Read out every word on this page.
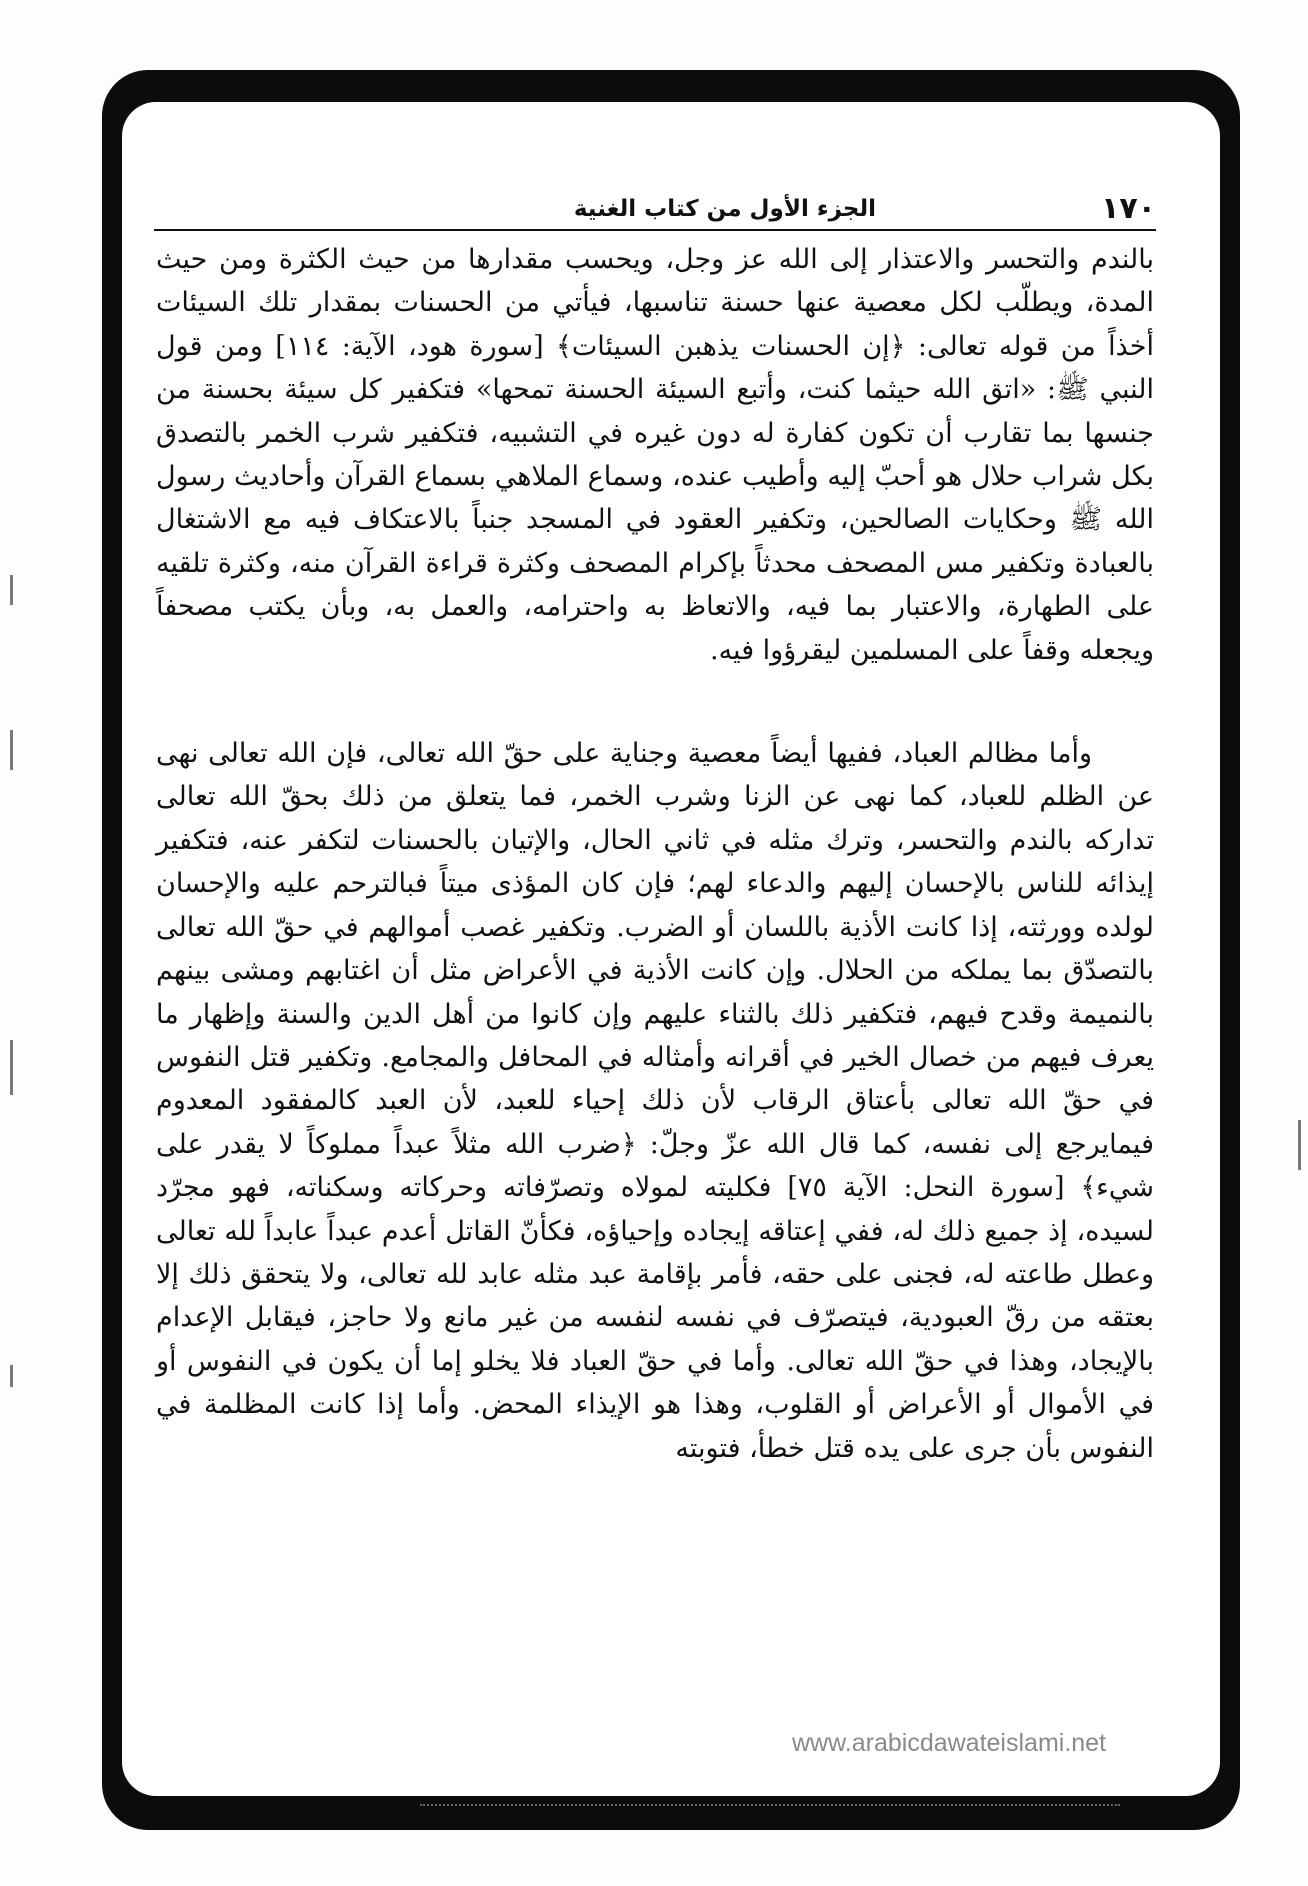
١٧٠
الجزء الأول من كتاب الغنية

بالندم والتحسر والاعتذار إلى الله عز وجل، ويحسب مقدارها من حيث الكثرة ومن حيث المدة، ويطلّب لكل معصية عنها حسنة تناسبها، فيأتي من الحسنات بمقدار تلك السيئات أخذاً من قوله تعالى: ﴿إن الحسنات يذهبن السيئات﴾ [سورة هود، الآية: ١١٤] ومن قول النبي ﷺ: «اتق الله حيثما كنت، وأتبع السيئة الحسنة تمحها» فتكفير كل سيئة بحسنة من جنسها بما تقارب أن تكون كفارة له دون غيره في التشبيه، فتكفير شرب الخمر بالتصدق بكل شراب حلال هو أحبّ إليه وأطيب عنده، وسماع الملاهي بسماع القرآن وأحاديث رسول الله ﷺ وحكايات الصالحين، وتكفير العقود في المسجد جنباً بالاعتكاف فيه مع الاشتغال بالعبادة وتكفير مس المصحف محدثاً بإكرام المصحف وكثرة قراءة القرآن منه، وكثرة تلقيه على الطهارة، والاعتبار بما فيه، والاتعاظ به واحترامه، والعمل به، وبأن يكتب مصحفاً ويجعله وقفاً على المسلمين ليقرؤوا فيه.

وأما مظالم العباد، ففيها أيضاً معصية وجناية على حقّ الله تعالى، فإن الله تعالى نهى عن الظلم للعباد، كما نهى عن الزنا وشرب الخمر، فما يتعلق من ذلك بحقّ الله تعالى تداركه بالندم والتحسر، وترك مثله في ثاني الحال، والإتيان بالحسنات لتكفر عنه، فتكفير إيذائه للناس بالإحسان إليهم والدعاء لهم؛ فإن كان المؤذى ميتاً فبالترحم عليه والإحسان لولده وورثته، إذا كانت الأذية باللسان أو الضرب. وتكفير غصب أموالهم في حقّ الله تعالى بالتصدّق بما يملكه من الحلال. وإن كانت الأذية في الأعراض مثل أن اغتابهم ومشى بينهم بالنميمة وقدح فيهم، فتكفير ذلك بالثناء عليهم وإن كانوا من أهل الدين والسنة وإظهار ما يعرف فيهم من خصال الخير في أقرانه وأمثاله في المحافل والمجامع. وتكفير قتل النفوس في حقّ الله تعالى بأعتاق الرقاب لأن ذلك إحياء للعبد، لأن العبد كالمفقود المعدوم فيمايرجع إلى نفسه، كما قال الله عزّ وجلّ: ﴿ضرب الله مثلاً عبداً مملوكاً لا يقدر على شيء﴾ [سورة النحل: الآية ٧٥] فكليته لمولاه وتصرّفاته وحركاته وسكناته، فهو مجرّد لسيده، إذ جميع ذلك له، ففي إعتاقه إيجاده وإحياؤه، فكأنّ القاتل أعدم عبداً عابداً لله تعالى وعطل طاعته له، فجنى على حقه، فأمر بإقامة عبد مثله عابد لله تعالى، ولا يتحقق ذلك إلا بعتقه من رقّ العبودية، فيتصرّف في نفسه لنفسه من غير مانع ولا حاجز، فيقابل الإعدام بالإيجاد، وهذا في حقّ الله تعالى. وأما في حقّ العباد فلا يخلو إما أن يكون في النفوس أو في الأموال أو الأعراض أو القلوب، وهذا هو الإيذاء المحض. وأما إذا كانت المظلمة في النفوس بأن جرى على يده قتل خطأ، فتوبته

www.arabicdawateislami.net
